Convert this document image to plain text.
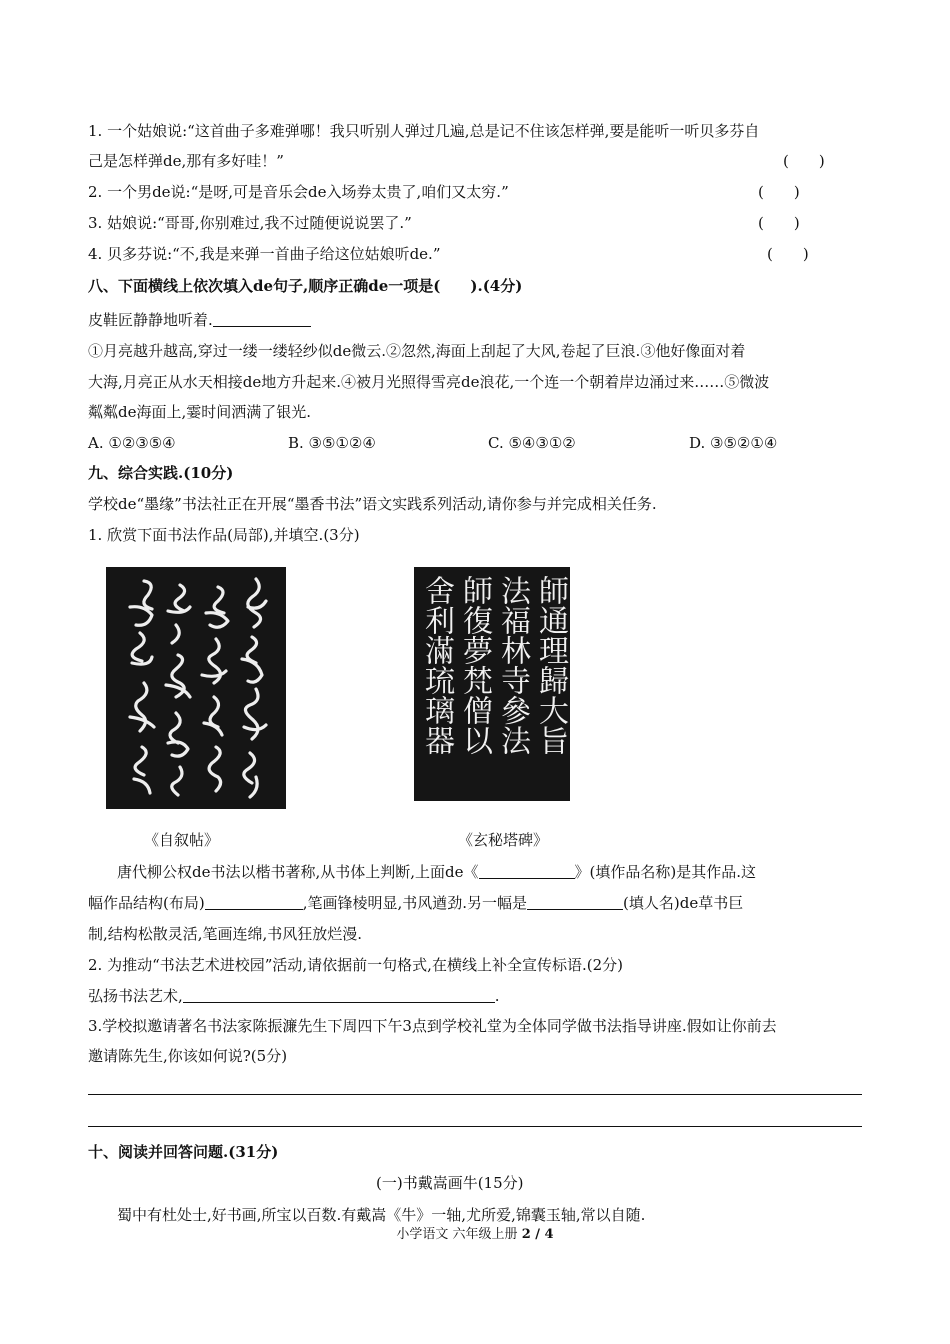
1. 一个姑娘说:“这首曲子多难弹哪！我只听别人弹过几遍,总是记不住该怎样弹,要是能听一听贝多芬自
己是怎样弹de,那有多好哇！”	(　　)
2. 一个男de说:“是呀,可是音乐会de入场券太贵了,咱们又太穷.”	(　　)
3. 姑娘说:“哥哥,你别难过,我不过随便说说罢了.”	(　　)
4. 贝多芬说:“不,我是来弹一首曲子给这位姑娘听de.”	(　　)
八、下面横线上依次填入de句子,顺序正确de一项是(　　).(4分)
皮鞋匠静静地听着.
①月亮越升越高,穿过一缕一缕轻纱似de微云.②忽然,海面上刮起了大风,卷起了巨浪.③他好像面对着
大海,月亮正从水天相接de地方升起来.④被月光照得雪亮de浪花,一个连一个朝着岸边涌过来……⑤微波
粼粼de海面上,霎时间洒满了银光.
A. ①②③⑤④	B. ③⑤①②④	C. ⑤④③①②	D. ③⑤②①④
九、综合实践.(10分)
学校de“墨缘”书法社正在开展“墨香书法”语文实践系列活动,请你参与并完成相关任务.
1. 欣赏下面书法作品(局部),并填空.(3分)
師通理歸大旨
法福林寺參法
師復夢梵僧以
舍利滿琉璃器
《自叙帖》	《玄秘塔碑》
唐代柳公权de书法以楷书著称,从书体上判断,上面de《	》(填作品名称)是其作品.这
幅作品结构(布局)	,笔画锋棱明显,书风遒劲.另一幅是	(填人名)de草书巨
制,结构松散灵活,笔画连绵,书风狂放烂漫.
2. 为推动“书法艺术进校园”活动,请依据前一句格式,在横线上补全宣传标语.(2分)
弘扬书法艺术,	.
3.学校拟邀请著名书法家陈振濂先生下周四下午3点到学校礼堂为全体同学做书法指导讲座.假如让你前去
邀请陈先生,你该如何说?(5分)
十、阅读并回答问题.(31分)
(一)书戴嵩画牛(15分)
蜀中有杜处士,好书画,所宝以百数.有戴嵩《牛》一轴,尤所爱,锦囊玉轴,常以自随.
小学语文 六年级上册 2 / 4
